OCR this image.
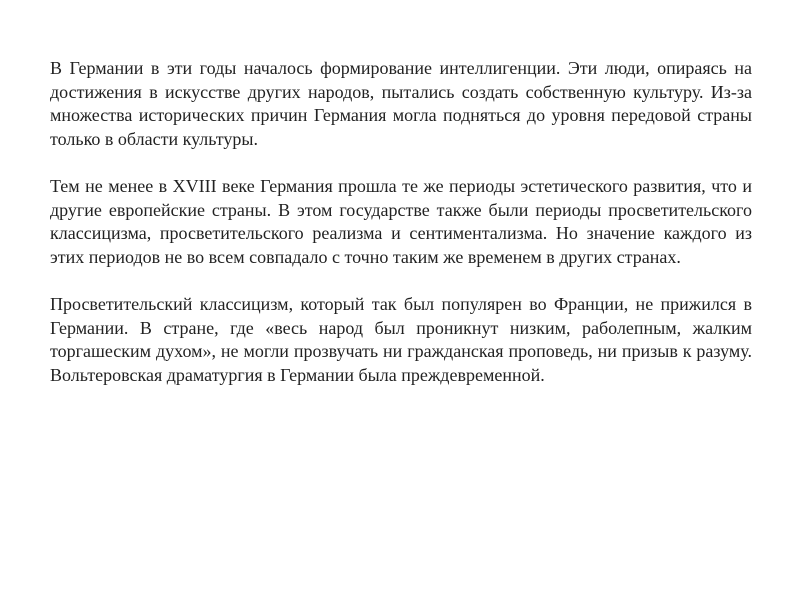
В Германии в эти годы началось формирование интеллигенции. Эти люди, опираясь на достижения в искусстве других народов, пытались создать собственную культуру. Из-за множества исторических причин Германия могла подняться до уровня передовой страны только в области культуры.

Тем не менее в XVIII веке Германия прошла те же периоды эстетического развития, что и другие европейские страны. В этом государстве также были периоды просветительского классицизма, просветительского реализма и сентиментализма. Но значение каждого из этих периодов не во всем совпадало с точно таким же временем в других странах.

Просветительский классицизм, который так был популярен во Франции, не прижился в Германии. В стране, где «весь народ был проникнут низким, раболепным, жалким торгашеским духом», не могли прозвучать ни гражданская проповедь, ни призыв к разуму. Вольтеровская драматургия в Германии была преждевременной.
